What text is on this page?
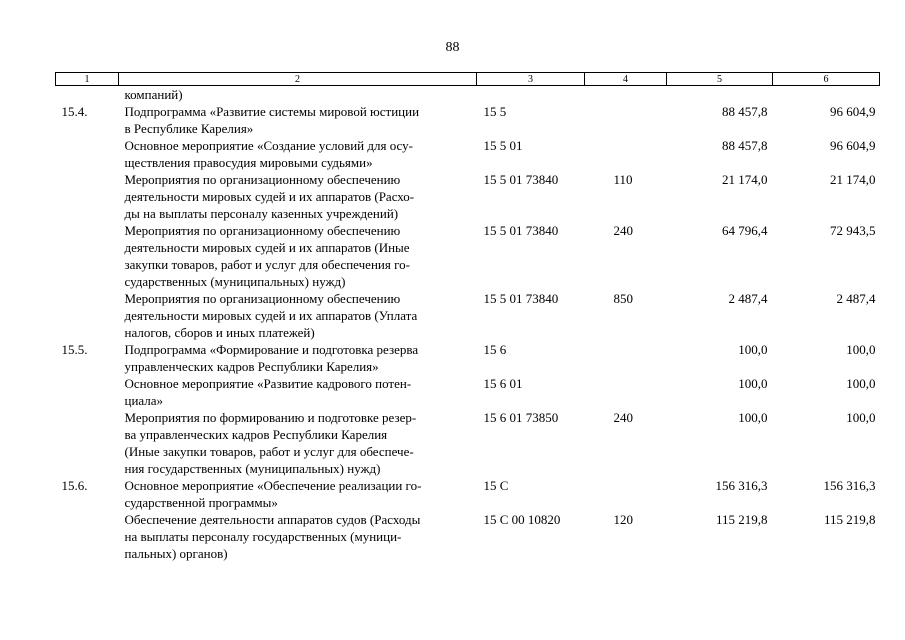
88
1	2	3	4	5	6

	компаний)				

15.4.	Подпрограмма «Развитие системы мировой юстиции
в Республике Карелия»	15 5		88 457,8	96 604,9

	Основное мероприятие «Создание условий для осу-
ществления правосудия мировыми судьями»	15 5 01		88 457,8	96 604,9

	Мероприятия по организационному обеспечению
деятельности мировых судей и их аппаратов (Расхо-
ды на выплаты персоналу казенных учреждений)	15 5 01 73840	110	21 174,0	21 174,0

	Мероприятия по организационному обеспечению
деятельности мировых судей и их аппаратов (Иные
закупки товаров, работ и услуг для обеспечения го-
сударственных (муниципальных) нужд)	15 5 01 73840	240	64 796,4	72 943,5

	Мероприятия по организационному обеспечению
деятельности мировых судей и их аппаратов (Уплата
налогов, сборов и иных платежей)	15 5 01 73840	850	2 487,4	2 487,4
15.5.	Подпрограмма «Формирование и подготовка резерва
управленческих кадров Республики Карелия»	15 6		100,0	100,0

	Основное мероприятие «Развитие кадрового потен-
циала»	15 6 01		100,0	100,0

	Мероприятия по формированию и подготовке резер-
ва управленческих кадров Республики Карелия
(Иные закупки товаров, работ и услуг для обеспече-
ния государственных (муниципальных) нужд)	15 6 01 73850	240	100,0	100,0
15.6.	Основное мероприятие «Обеспечение реализации го-
сударственной программы»	15 С		156 316,3	156 316,3

	Обеспечение деятельности аппаратов судов (Расходы
на выплаты персоналу государственных (муници-
пальных) органов)	15 С 00 10820	120	115 219,8	115 219,8
